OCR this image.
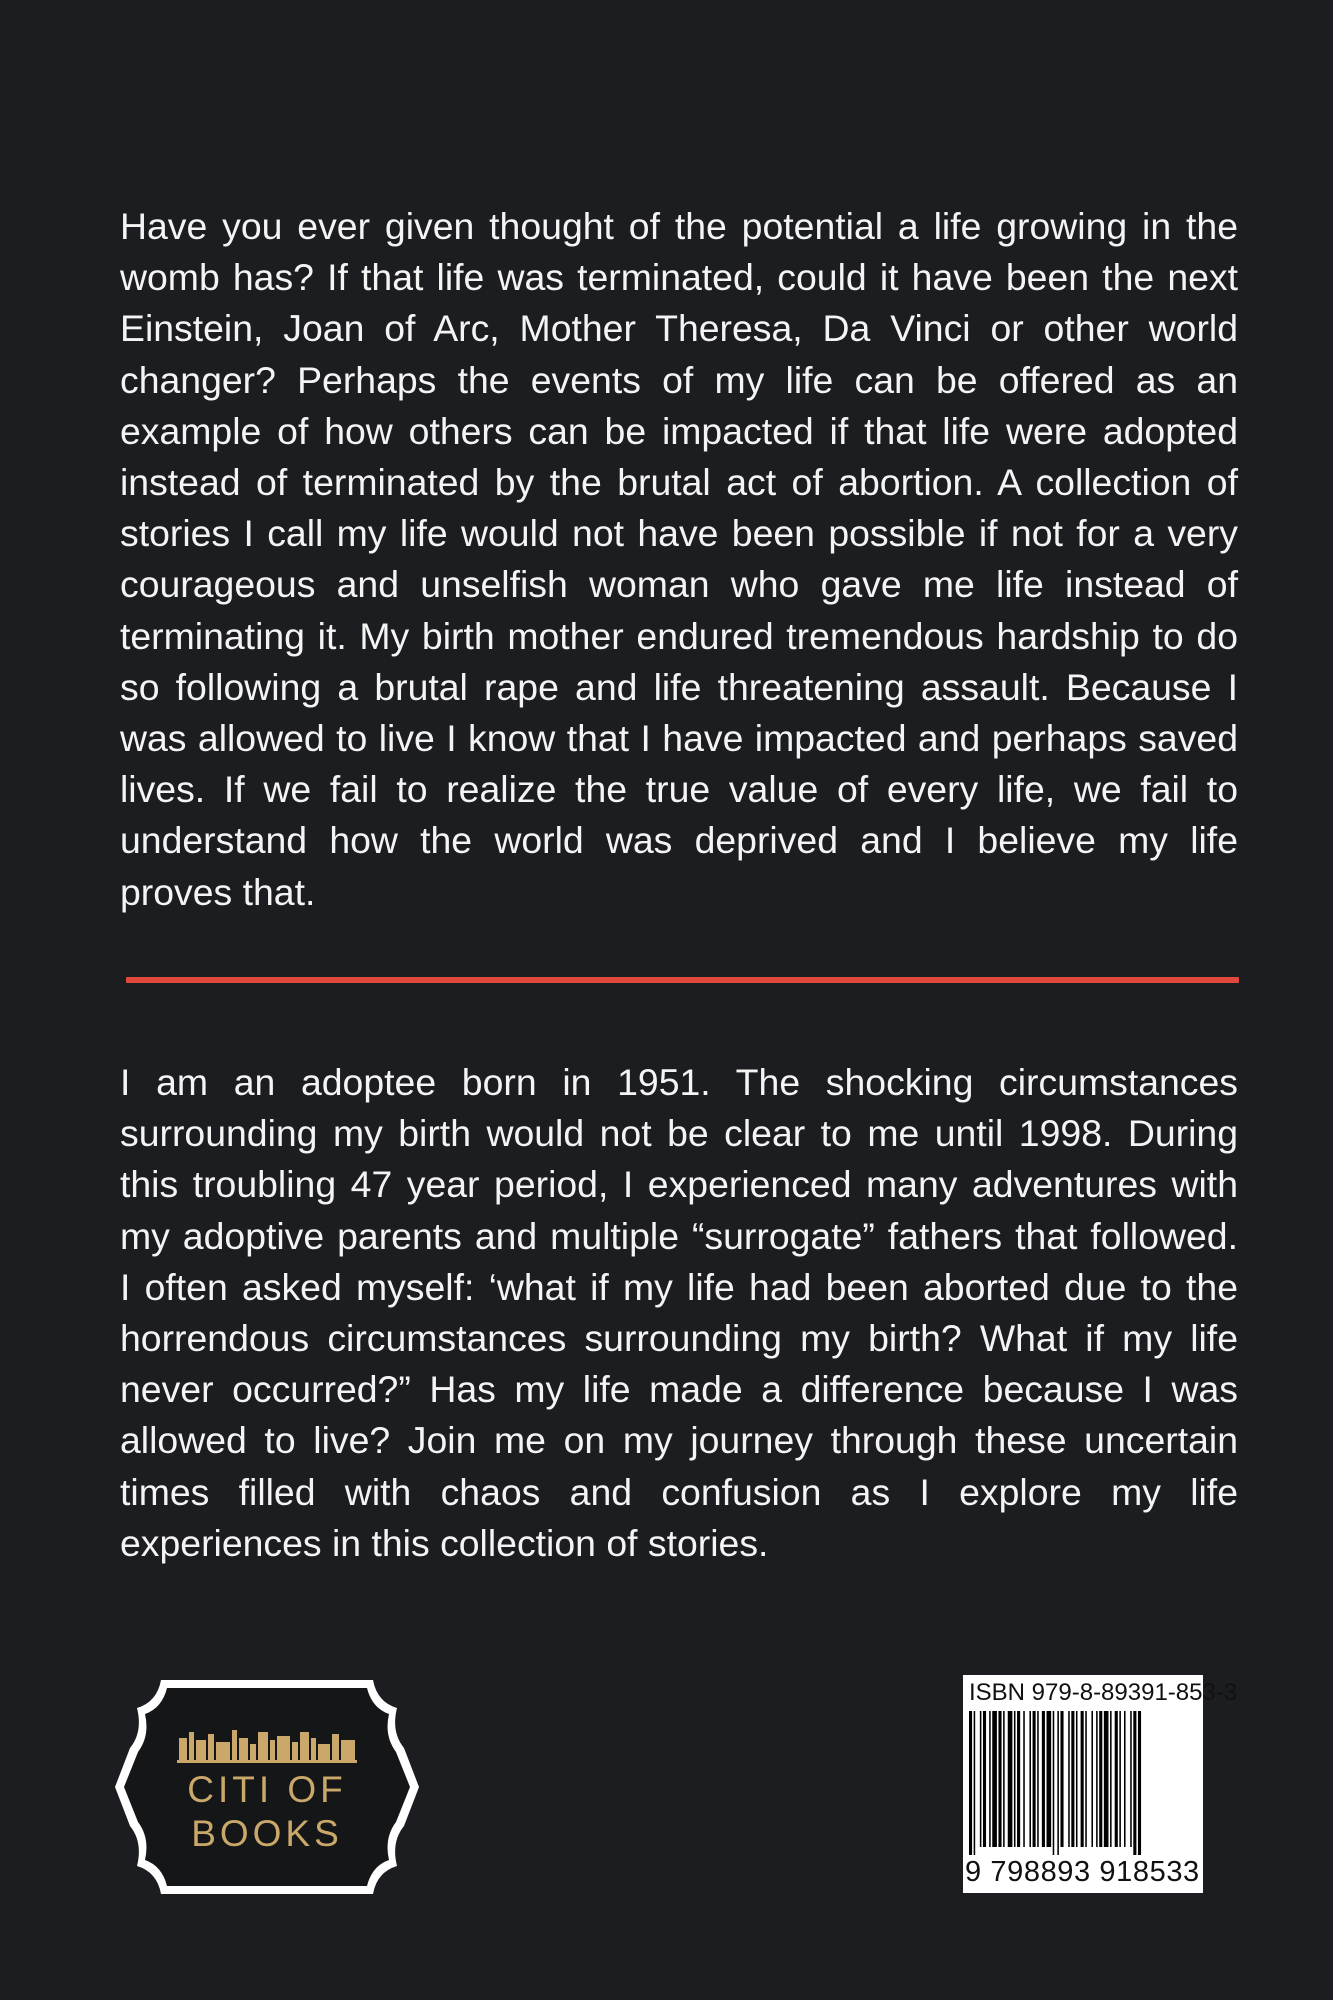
Have you ever given thought of the potential a life growing in the womb has? If that life was terminated, could it have been the next Einstein, Joan of Arc, Mother Theresa, Da Vinci or other world changer? Perhaps the events of my life can be offered as an example of how others can be impacted if that life were adopted instead of terminated by the brutal act of abortion. A collection of stories I call my life would not have been possible if not for a very courageous and unselfish woman who gave me life instead of terminating it. My birth mother endured tremendous hardship to do so following a brutal rape and life threatening assault. Because I was allowed to live I know that I have impacted and perhaps saved lives. If we fail to realize the true value of every life, we fail to understand how the world was deprived and I believe my life proves that.

I am an adoptee born in 1951. The shocking circumstances surrounding my birth would not be clear to me until 1998. During this troubling 47 year period, I experienced many adventures with my adoptive parents and multiple “surrogate” fathers that followed. I often asked myself: ‘what if my life had been aborted due to the horrendous circumstances surrounding my birth? What if my life never occurred?” Has my life made a difference because I was allowed to live? Join me on my journey through these uncertain times filled with chaos and confusion as I explore my life experiences in this collection of stories.

CITI OF
BOOKS
ISBN 979-8-89391-853-3
9 798893 918533
